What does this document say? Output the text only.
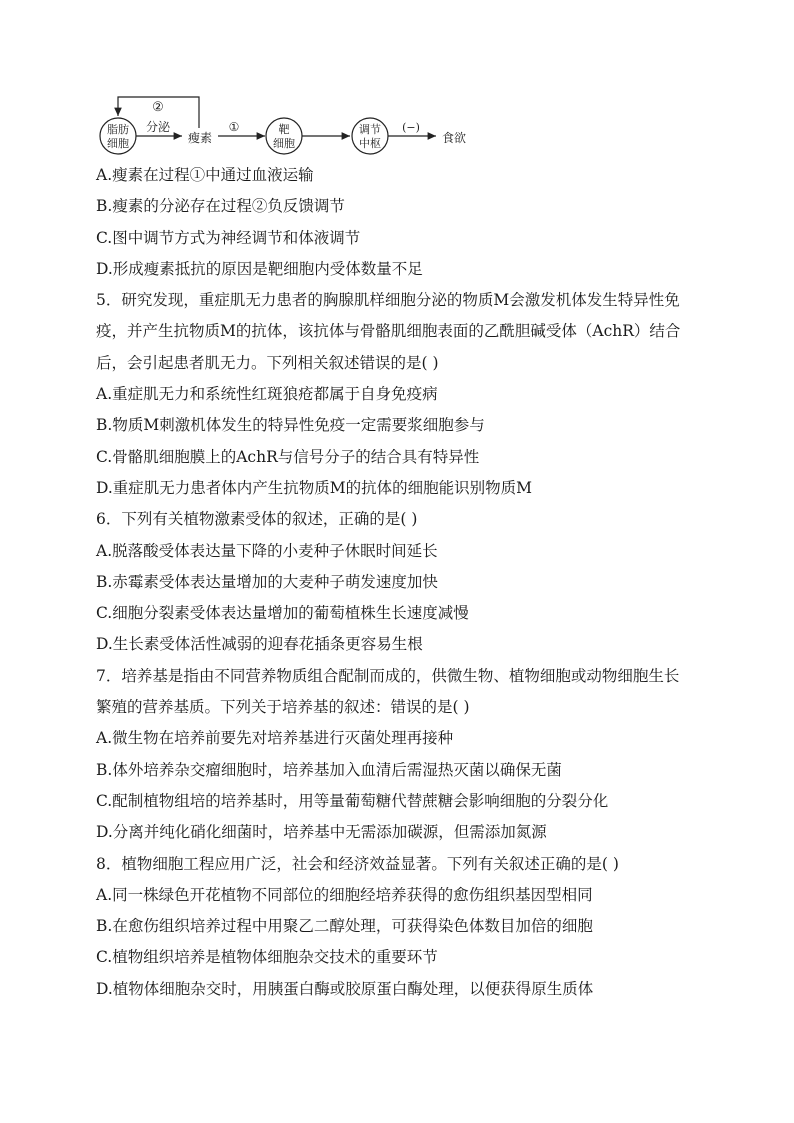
②
脂肪
细胞
分泌
瘦素
①	靶
细胞
调节
中枢
(−)
食欲
A.瘦素在过程①中通过血液运输
B.瘦素的分泌存在过程②负反馈调节
C.图中调节方式为神经调节和体液调节
D.形成瘦素抵抗的原因是靶细胞内受体数量不足
5．研究发现，重症肌无力患者的胸腺肌样细胞分泌的物质M会激发机体发生特异性免
疫，并产生抗物质M的抗体，该抗体与骨骼肌细胞表面的乙酰胆碱受体（AchR）结合
后，会引起患者肌无力。下列相关叙述错误的是( )
A.重症肌无力和系统性红斑狼疮都属于自身免疫病
B.物质M刺激机体发生的特异性免疫一定需要浆细胞参与
C.骨骼肌细胞膜上的AchR与信号分子的结合具有特异性
D.重症肌无力患者体内产生抗物质M的抗体的细胞能识别物质M
6．下列有关植物激素受体的叙述，正确的是( )
A.脱落酸受体表达量下降的小麦种子休眠时间延长
B.赤霉素受体表达量增加的大麦种子萌发速度加快
C.细胞分裂素受体表达量增加的葡萄植株生长速度减慢
D.生长素受体活性减弱的迎春花插条更容易生根
7．培养基是指由不同营养物质组合配制而成的，供微生物、植物细胞或动物细胞生长
繁殖的营养基质。下列关于培养基的叙述：错误的是( )
A.微生物在培养前要先对培养基进行灭菌处理再接种
B.体外培养杂交瘤细胞时，培养基加入血清后需湿热灭菌以确保无菌
C.配制植物组培的培养基时，用等量葡萄糖代替蔗糖会影响细胞的分裂分化
D.分离并纯化硝化细菌时，培养基中无需添加碳源，但需添加氮源
8．植物细胞工程应用广泛，社会和经济效益显著。下列有关叙述正确的是( )
A.同一株绿色开花植物不同部位的细胞经培养获得的愈伤组织基因型相同
B.在愈伤组织培养过程中用聚乙二醇处理，可获得染色体数目加倍的细胞
C.植物组织培养是植物体细胞杂交技术的重要环节
D.植物体细胞杂交时，用胰蛋白酶或胶原蛋白酶处理，以便获得原生质体
